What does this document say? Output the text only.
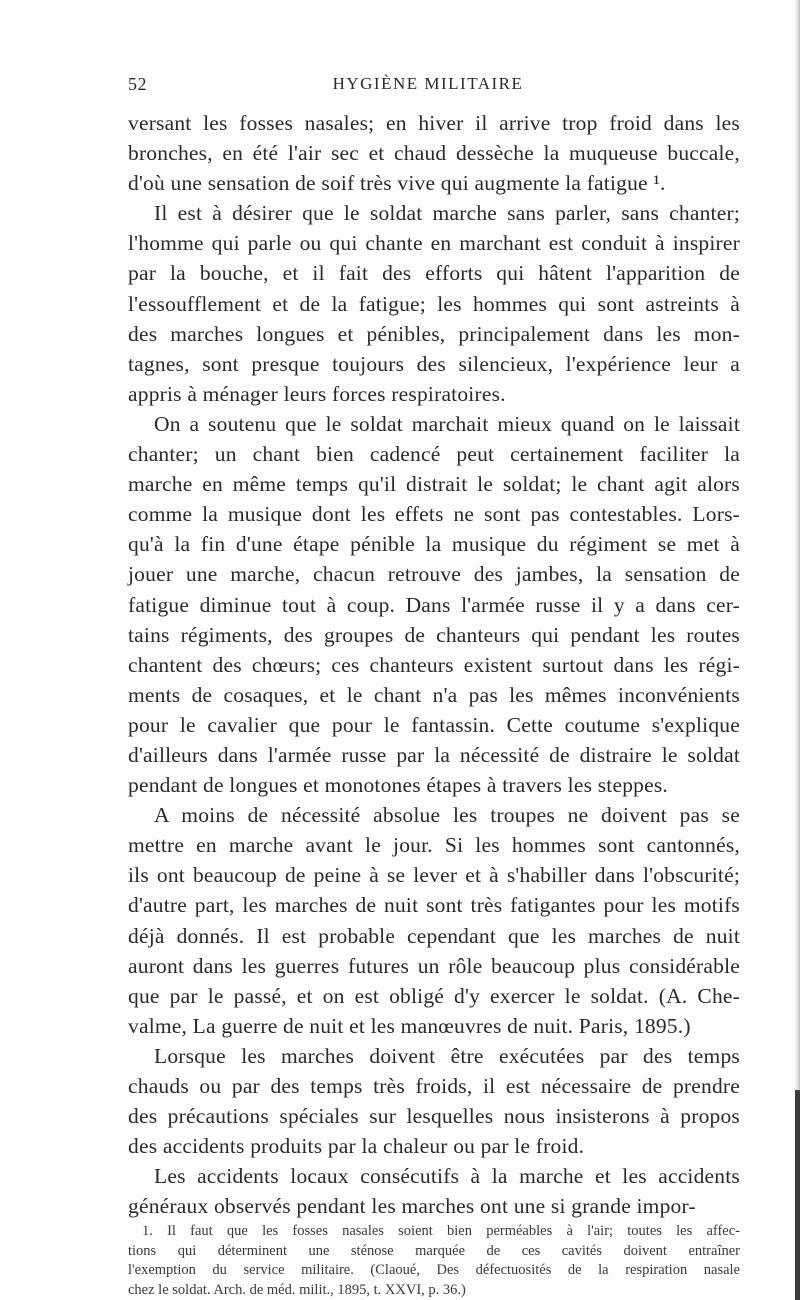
52	HYGIÈNE MILITAIRE
versant les fosses nasales; en hiver il arrive trop froid dans les
bronches, en été l'air sec et chaud dessèche la muqueuse buccale,
d'où une sensation de soif très vive qui augmente la fatigue ¹.
Il est à désirer que le soldat marche sans parler, sans chanter;
l'homme qui parle ou qui chante en marchant est conduit à inspirer
par la bouche, et il fait des efforts qui hâtent l'apparition de
l'essoufflement et de la fatigue; les hommes qui sont astreints à
des marches longues et pénibles, principalement dans les mon-
tagnes, sont presque toujours des silencieux, l'expérience leur a
appris à ménager leurs forces respiratoires.
On a soutenu que le soldat marchait mieux quand on le laissait
chanter; un chant bien cadencé peut certainement faciliter la
marche en même temps qu'il distrait le soldat; le chant agit alors
comme la musique dont les effets ne sont pas contestables. Lors-
qu'à la fin d'une étape pénible la musique du régiment se met à
jouer une marche, chacun retrouve des jambes, la sensation de
fatigue diminue tout à coup. Dans l'armée russe il y a dans cer-
tains régiments, des groupes de chanteurs qui pendant les routes
chantent des chœurs; ces chanteurs existent surtout dans les régi-
ments de cosaques, et le chant n'a pas les mêmes inconvénients
pour le cavalier que pour le fantassin. Cette coutume s'explique
d'ailleurs dans l'armée russe par la nécessité de distraire le soldat
pendant de longues et monotones étapes à travers les steppes.
A moins de nécessité absolue les troupes ne doivent pas se
mettre en marche avant le jour. Si les hommes sont cantonnés,
ils ont beaucoup de peine à se lever et à s'habiller dans l'obscurité;
d'autre part, les marches de nuit sont très fatigantes pour les motifs
déjà donnés. Il est probable cependant que les marches de nuit
auront dans les guerres futures un rôle beaucoup plus considérable
que par le passé, et on est obligé d'y exercer le soldat. (A. Che-
valme, La guerre de nuit et les manœuvres de nuit. Paris, 1895.)
Lorsque les marches doivent être exécutées par des temps
chauds ou par des temps très froids, il est nécessaire de prendre
des précautions spéciales sur lesquelles nous insisterons à propos
des accidents produits par la chaleur ou par le froid.
Les accidents locaux consécutifs à la marche et les accidents
généraux observés pendant les marches ont une si grande impor-
1. Il faut que les fosses nasales soient bien perméables à l'air; toutes les affec-
tions qui déterminent une sténose marquée de ces cavités doivent entraîner
l'exemption du service militaire. (Claoué, Des défectuosités de la respiration nasale
chez le soldat. Arch. de méd. milit., 1895, t. XXVI, p. 36.)
